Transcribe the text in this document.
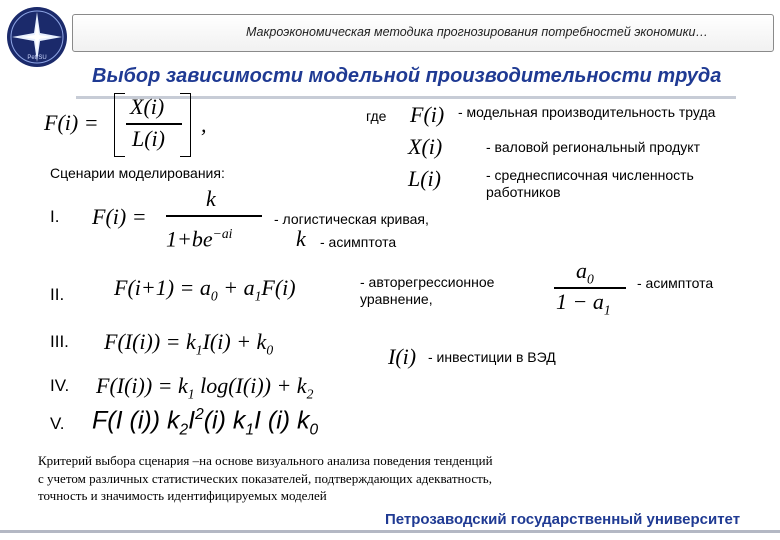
PetrSU
Макроэкономическая методика прогнозирования потребностей экономики…
Выбор зависимости модельной производительности труда
F(i) =
X(i)
L(i)
,	где F(i) - модельная производительность труда
X(i)	- валовой региональный продукт
L(i)	- среднесписочная численность
работников
Сценарии моделирования:
I. F(i) =
k
$1+be^{-ai}$
- логистическая кривая,
k - асимптота
II. $F(i+1) = a_0 + a_1F(i)$	- авторегрессионное
уравнение,
$a_0$
$1 - a_1$
- асимптота
III. $F(I(i)) = k_1I(i) + k_0$	I(i) - инвестиции в ВЭД
IV. $F(I(i)) = k_1$ $\log(I(i)) + k_2$
V. F(I (i)) $k_2I^2(i)$ $k_1I$ (i) $k_0$
Критерий выбора сценария –на основе визуального анализа поведения тенденций
с учетом различных статистических показателей, подтверждающих адекватность,
точность и значимость идентифицируемых моделей
Петрозаводский государственный университет
